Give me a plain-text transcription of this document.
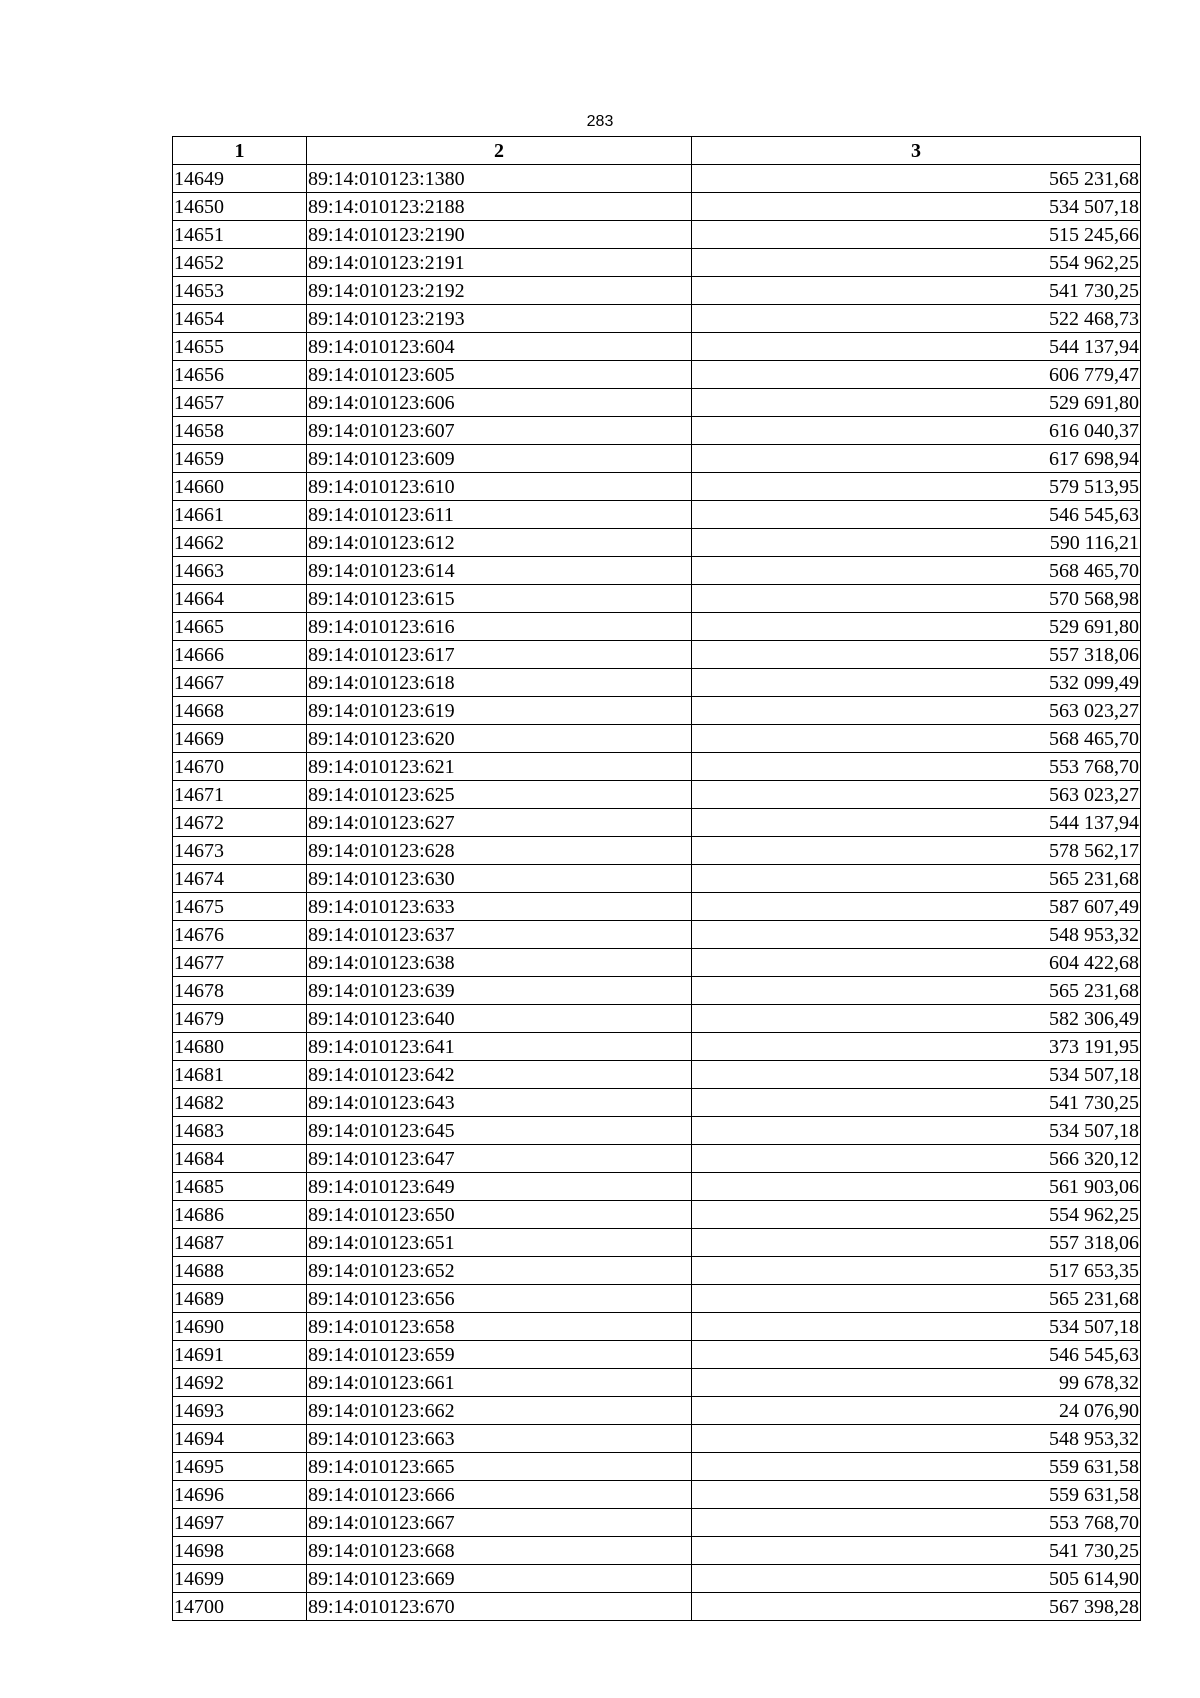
283
1	2	3
14649	89:14:010123:1380	565 231,68
14650	89:14:010123:2188	534 507,18
14651	89:14:010123:2190	515 245,66
14652	89:14:010123:2191	554 962,25
14653	89:14:010123:2192	541 730,25
14654	89:14:010123:2193	522 468,73
14655	89:14:010123:604	544 137,94
14656	89:14:010123:605	606 779,47
14657	89:14:010123:606	529 691,80
14658	89:14:010123:607	616 040,37
14659	89:14:010123:609	617 698,94
14660	89:14:010123:610	579 513,95
14661	89:14:010123:611	546 545,63
14662	89:14:010123:612	590 116,21
14663	89:14:010123:614	568 465,70
14664	89:14:010123:615	570 568,98
14665	89:14:010123:616	529 691,80
14666	89:14:010123:617	557 318,06
14667	89:14:010123:618	532 099,49
14668	89:14:010123:619	563 023,27
14669	89:14:010123:620	568 465,70
14670	89:14:010123:621	553 768,70
14671	89:14:010123:625	563 023,27
14672	89:14:010123:627	544 137,94
14673	89:14:010123:628	578 562,17
14674	89:14:010123:630	565 231,68
14675	89:14:010123:633	587 607,49
14676	89:14:010123:637	548 953,32
14677	89:14:010123:638	604 422,68
14678	89:14:010123:639	565 231,68
14679	89:14:010123:640	582 306,49
14680	89:14:010123:641	373 191,95
14681	89:14:010123:642	534 507,18
14682	89:14:010123:643	541 730,25
14683	89:14:010123:645	534 507,18
14684	89:14:010123:647	566 320,12
14685	89:14:010123:649	561 903,06
14686	89:14:010123:650	554 962,25
14687	89:14:010123:651	557 318,06
14688	89:14:010123:652	517 653,35
14689	89:14:010123:656	565 231,68
14690	89:14:010123:658	534 507,18
14691	89:14:010123:659	546 545,63
14692	89:14:010123:661	99 678,32
14693	89:14:010123:662	24 076,90
14694	89:14:010123:663	548 953,32
14695	89:14:010123:665	559 631,58
14696	89:14:010123:666	559 631,58
14697	89:14:010123:667	553 768,70
14698	89:14:010123:668	541 730,25
14699	89:14:010123:669	505 614,90
14700	89:14:010123:670	567 398,28
